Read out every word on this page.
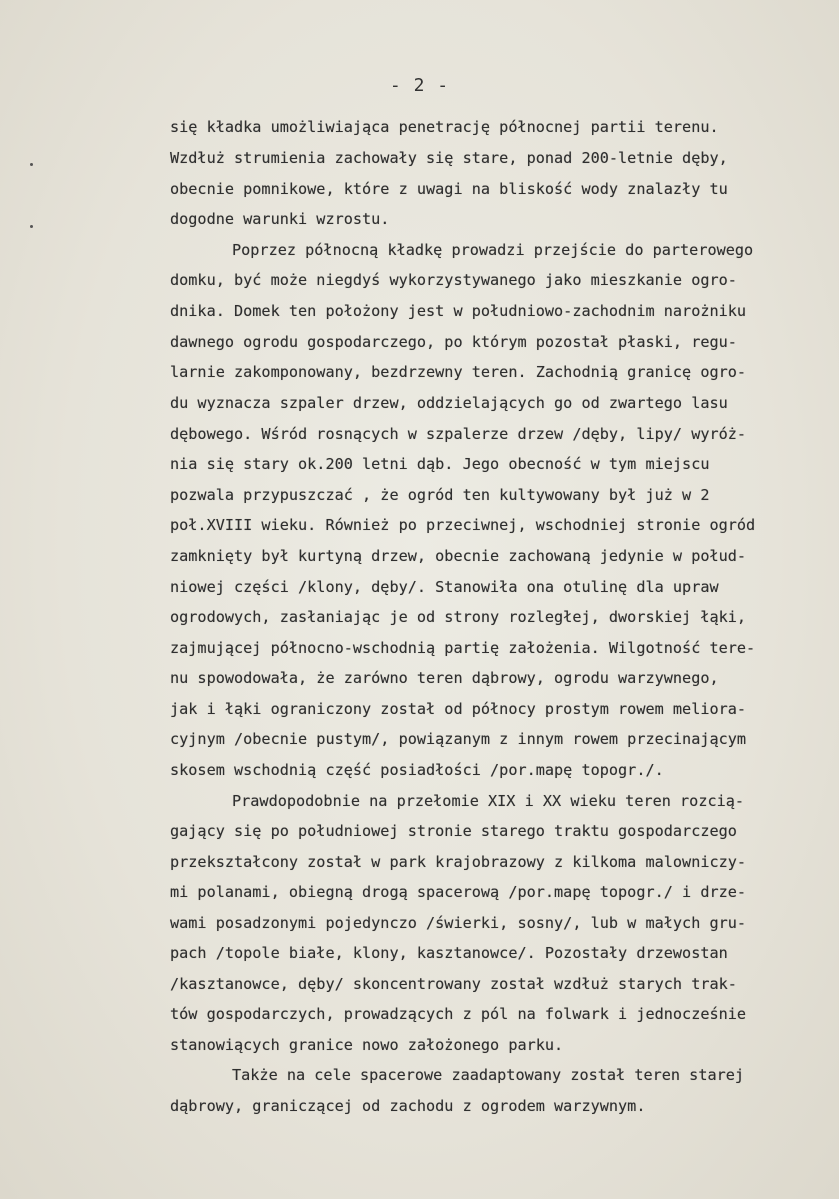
- 2 -
się kładka umożliwiająca penetrację północnej partii terenu.
Wzdłuż strumienia zachowały się stare, ponad 200-letnie dęby,
obecnie pomnikowe, które z uwagi na bliskość wody znalazły tu
dogodne warunki wzrostu.
Poprzez północną kładkę prowadzi przejście do parterowego
domku, być może niegdyś wykorzystywanego jako mieszkanie ogro-
dnika. Domek ten położony jest w południowo-zachodnim narożniku
dawnego ogrodu gospodarczego, po którym pozostał płaski, regu-
larnie zakomponowany, bezdrzewny teren. Zachodnią granicę ogro-
du wyznacza szpaler drzew, oddzielających go od zwartego lasu
dębowego. Wśród rosnących w szpalerze drzew /dęby, lipy/ wyróż-
nia się stary ok.200 letni dąb. Jego obecność w tym miejscu
pozwala przypuszczać , że ogród ten kultywowany był już w 2
poł.XVIII wieku. Również po przeciwnej, wschodniej stronie ogród
zamknięty był kurtyną drzew, obecnie zachowaną jedynie w połud-
niowej części /klony, dęby/. Stanowiła ona otulinę dla upraw
ogrodowych, zasłaniając je od strony rozległej, dworskiej łąki,
zajmującej północno-wschodnią partię założenia. Wilgotność tere-
nu spowodowała, że zarówno teren dąbrowy, ogrodu warzywnego,
jak i łąki ograniczony został od północy prostym rowem meliora-
cyjnym /obecnie pustym/, powiązanym z innym rowem przecinającym
skosem wschodnią część posiadłości /por.mapę topogr./.
Prawdopodobnie na przełomie XIX i XX wieku teren rozcią-
gający się po południowej stronie starego traktu gospodarczego
przekształcony został w park krajobrazowy z kilkoma malowniczy-
mi polanami, obiegną drogą spacerową /por.mapę topogr./ i drze-
wami posadzonymi pojedynczo /świerki, sosny/, lub w małych gru-
pach /topole białe, klony, kasztanowce/. Pozostały drzewostan
/kasztanowce, dęby/ skoncentrowany został wzdłuż starych trak-
tów gospodarczych, prowadzących z pól na folwark i jednocześnie
stanowiących granice nowo założonego parku.
Także na cele spacerowe zaadaptowany został teren starej
dąbrowy, graniczącej od zachodu z ogrodem warzywnym.
